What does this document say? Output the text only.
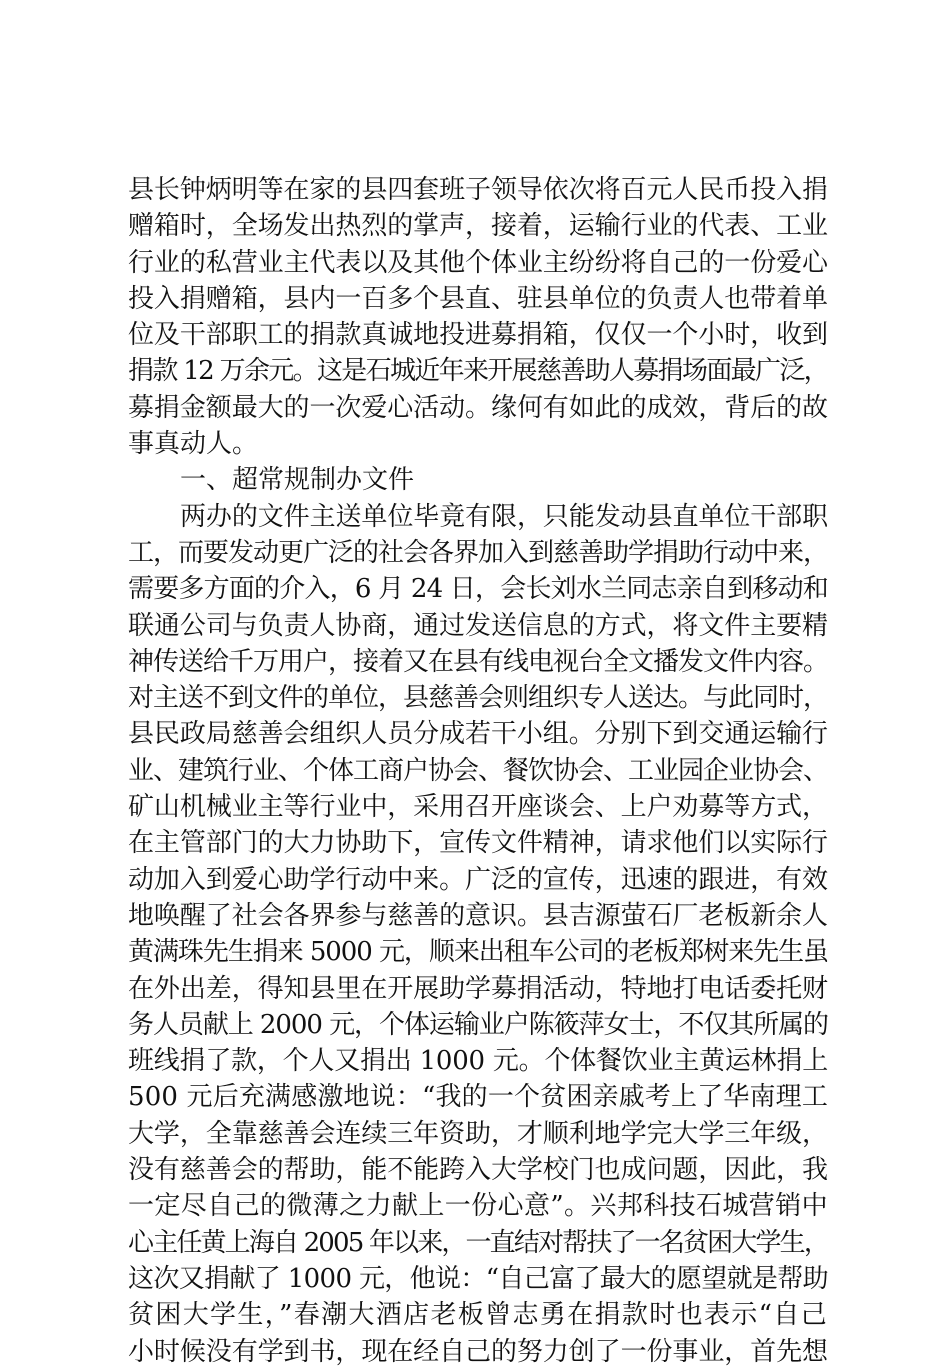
县长钟炳明等在家的县四套班子领导依次将百元人民币投入捐
赠箱时，全场发出热烈的掌声，接着，运输行业的代表、工业
行业的私营业主代表以及其他个体业主纷纷将自己的一份爱心
投入捐赠箱，县内一百多个县直、驻县单位的负责人也带着单
位及干部职工的捐款真诚地投进募捐箱，仅仅一个小时，收到
捐款 12 万余元。这是石城近年来开展慈善助人募捐场面最广泛，
募捐金额最大的一次爱心活动。缘何有如此的成效，背后的故
事真动人。
一、超常规制办文件
两办的文件主送单位毕竟有限，只能发动县直单位干部职
工，而要发动更广泛的社会各界加入到慈善助学捐助行动中来，
需要多方面的介入，6 月 24 日，会长刘水兰同志亲自到移动和
联通公司与负责人协商，通过发送信息的方式，将文件主要精
神传送给千万用户，接着又在县有线电视台全文播发文件内容。
对主送不到文件的单位，县慈善会则组织专人送达。与此同时，
县民政局慈善会组织人员分成若干小组。分别下到交通运输行
业、建筑行业、个体工商户协会、餐饮协会、工业园企业协会、
矿山机械业主等行业中，采用召开座谈会、上户劝募等方式，
在主管部门的大力协助下，宣传文件精神，请求他们以实际行
动加入到爱心助学行动中来。广泛的宣传，迅速的跟进，有效
地唤醒了社会各界参与慈善的意识。县吉源萤石厂老板新余人
黄满珠先生捐来 5000 元，顺来出租车公司的老板郑树来先生虽
在外出差，得知县里在开展助学募捐活动，特地打电话委托财
务人员献上 2000 元，个体运输业户陈筱萍女士，不仅其所属的
班线捐了款，个人又捐出 1000 元。个体餐饮业主黄运林捐上
500 元后充满感激地说：“我的一个贫困亲戚考上了华南理工
大学，全靠慈善会连续三年资助，才顺利地学完大学三年级，
没有慈善会的帮助，能不能跨入大学校门也成问题，因此，我
一定尽自己的微薄之力献上一份心意”。兴邦科技石城营销中
心主任黄上海自 2005 年以来，一直结对帮扶了一名贫困大学生，
这次又捐献了 1000 元，他说：“自己富了最大的愿望就是帮助
贫困大学生，”春潮大酒店老板曾志勇在捐款时也表示“自己
小时候没有学到书，现在经自己的努力创了一份事业，首先想
